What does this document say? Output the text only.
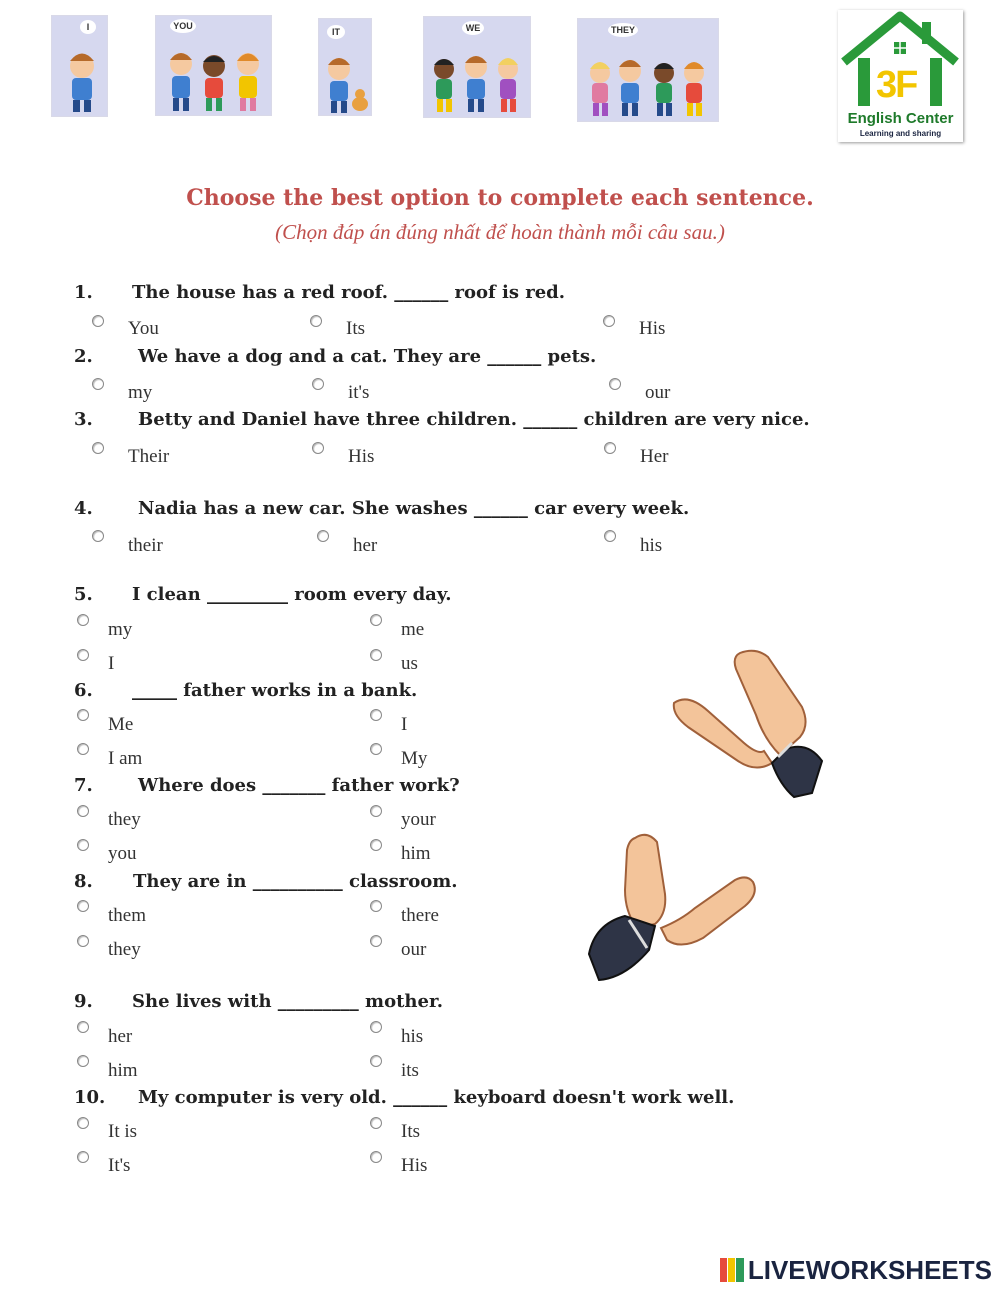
I	YOU
IT	WE	THEY
3F
English Center
Learning and sharing
Choose the best option to complete each sentence.
(Chọn đáp án đúng nhất để hoàn thành mỗi câu sau.)
1. The house has a red roof. ______ roof is red.
You	Its	His
2.	We have a dog and a cat. They are ______ pets.
my	it's	our
3.	Betty and Daniel have three children. ______ children are very nice.
Their	His	Her
4.	Nadia has a new car. She washes ______ car every week.
their	her	his
5. I clean _________ room every day.
my	me
I	us
6. _____ father works in a bank.
Me	I
I am	My
7.	Where does _______ father work?
they	your
you	him
8. They are in __________ classroom.
them	there
they	our
9. She lives with _________ mother.
her	his
him	its
10. My computer is very old. ______ keyboard doesn't work well.
It is	Its
It's	His
LIVEWORKSHEETS
